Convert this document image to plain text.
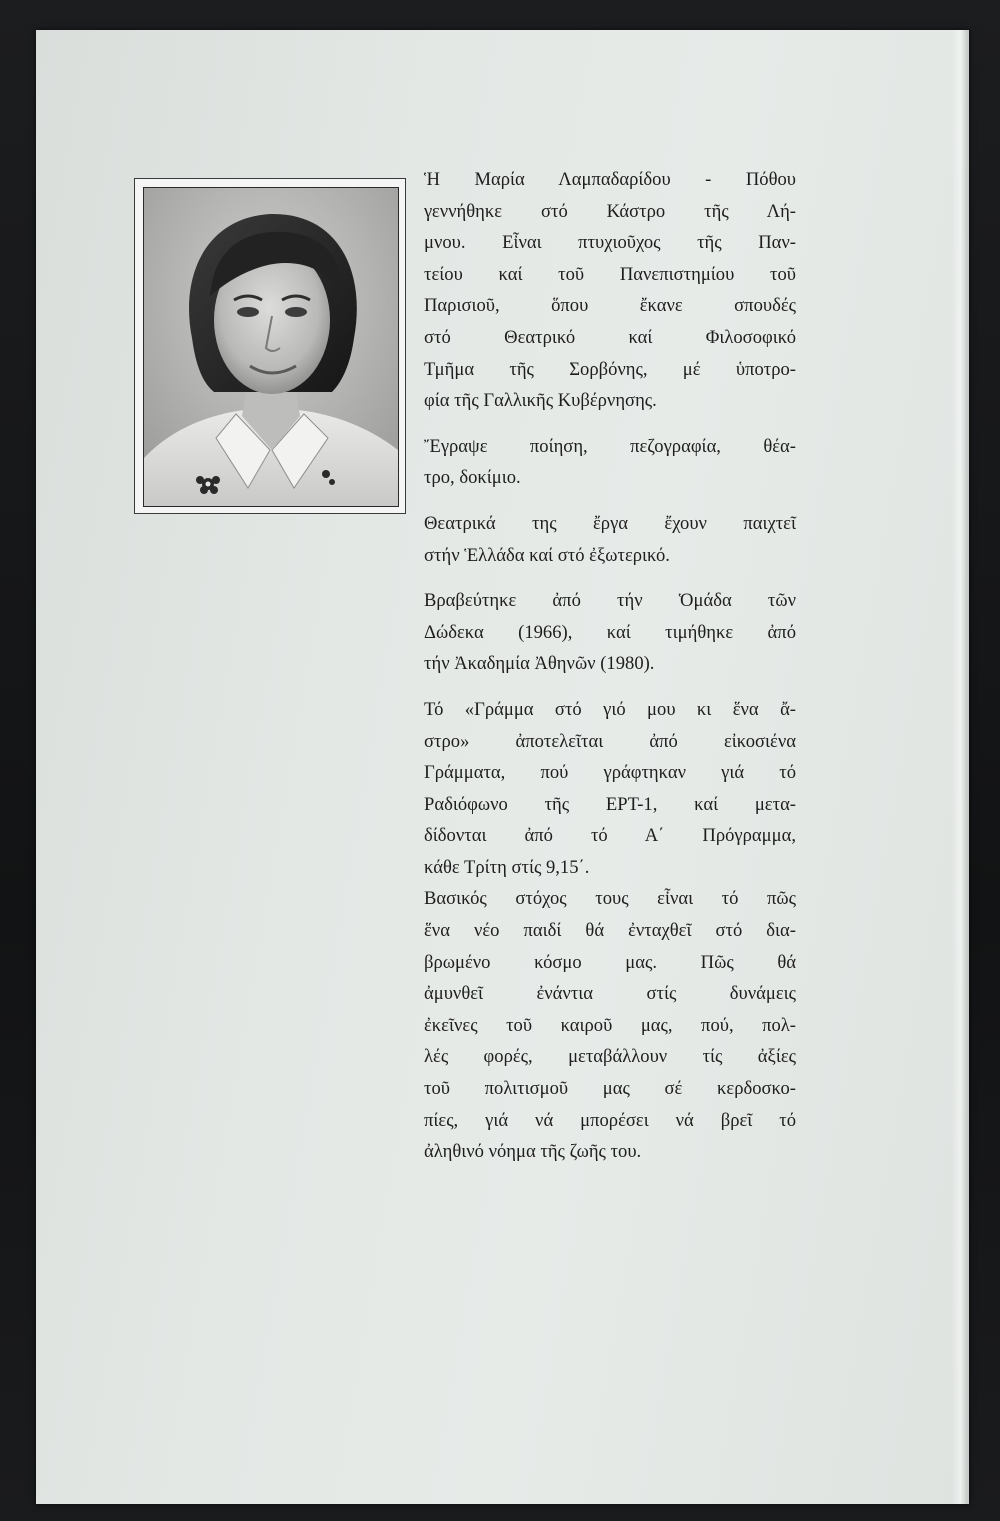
Ἡ Μαρία Λαμπαδαρίδου - Πόθου
γεννήθηκε στό Κάστρο τῆς Λή-
μνου. Εἶναι πτυχιοῦχος τῆς Παν-
τείου καί τοῦ Πανεπιστημίου τοῦ
Παρισιοῦ, ὅπου ἔκανε σπουδές
στό Θεατρικό καί Φιλοσοφικό
Τμῆμα τῆς Σορβόνης, μέ ὑποτρο-
φία τῆς Γαλλικῆς Κυβέρνησης.
Ἔγραψε ποίηση, πεζογραφία, θέα-
τρο, δοκίμιο.
Θεατρικά της ἔργα ἔχουν παιχτεῖ
στήν Ἑλλάδα καί στό ἐξωτερικό.
Βραβεύτηκε ἀπό τήν Ὁμάδα τῶν
Δώδεκα (1966), καί τιμήθηκε ἀπό
τήν Ἀκαδημία Ἀθηνῶν (1980).
Τό «Γράμμα στό γιό μου κι ἕνα ἄ-
στρο» ἀποτελεῖται ἀπό εἰκοσιένα
Γράμματα, πού γράφτηκαν γιά τό
Ραδιόφωνο τῆς ΕΡΤ-1, καί μετα-
δίδονται ἀπό τό Α΄ Πρόγραμμα,
κάθε Τρίτη στίς 9,15΄.
Βασικός στόχος τους εἶναι τό πῶς
ἕνα νέο παιδί θά ἐνταχθεῖ στό δια-
βρωμένο κόσμο μας. Πῶς θά
ἀμυνθεῖ ἐνάντια στίς δυνάμεις
ἐκεῖνες τοῦ καιροῦ μας, πού, πολ-
λές φορές, μεταβάλλουν τίς ἀξίες
τοῦ πολιτισμοῦ μας σέ κερδοσκο-
πίες, γιά νά μπορέσει νά βρεῖ τό
ἀληθινό νόημα τῆς ζωῆς του.
